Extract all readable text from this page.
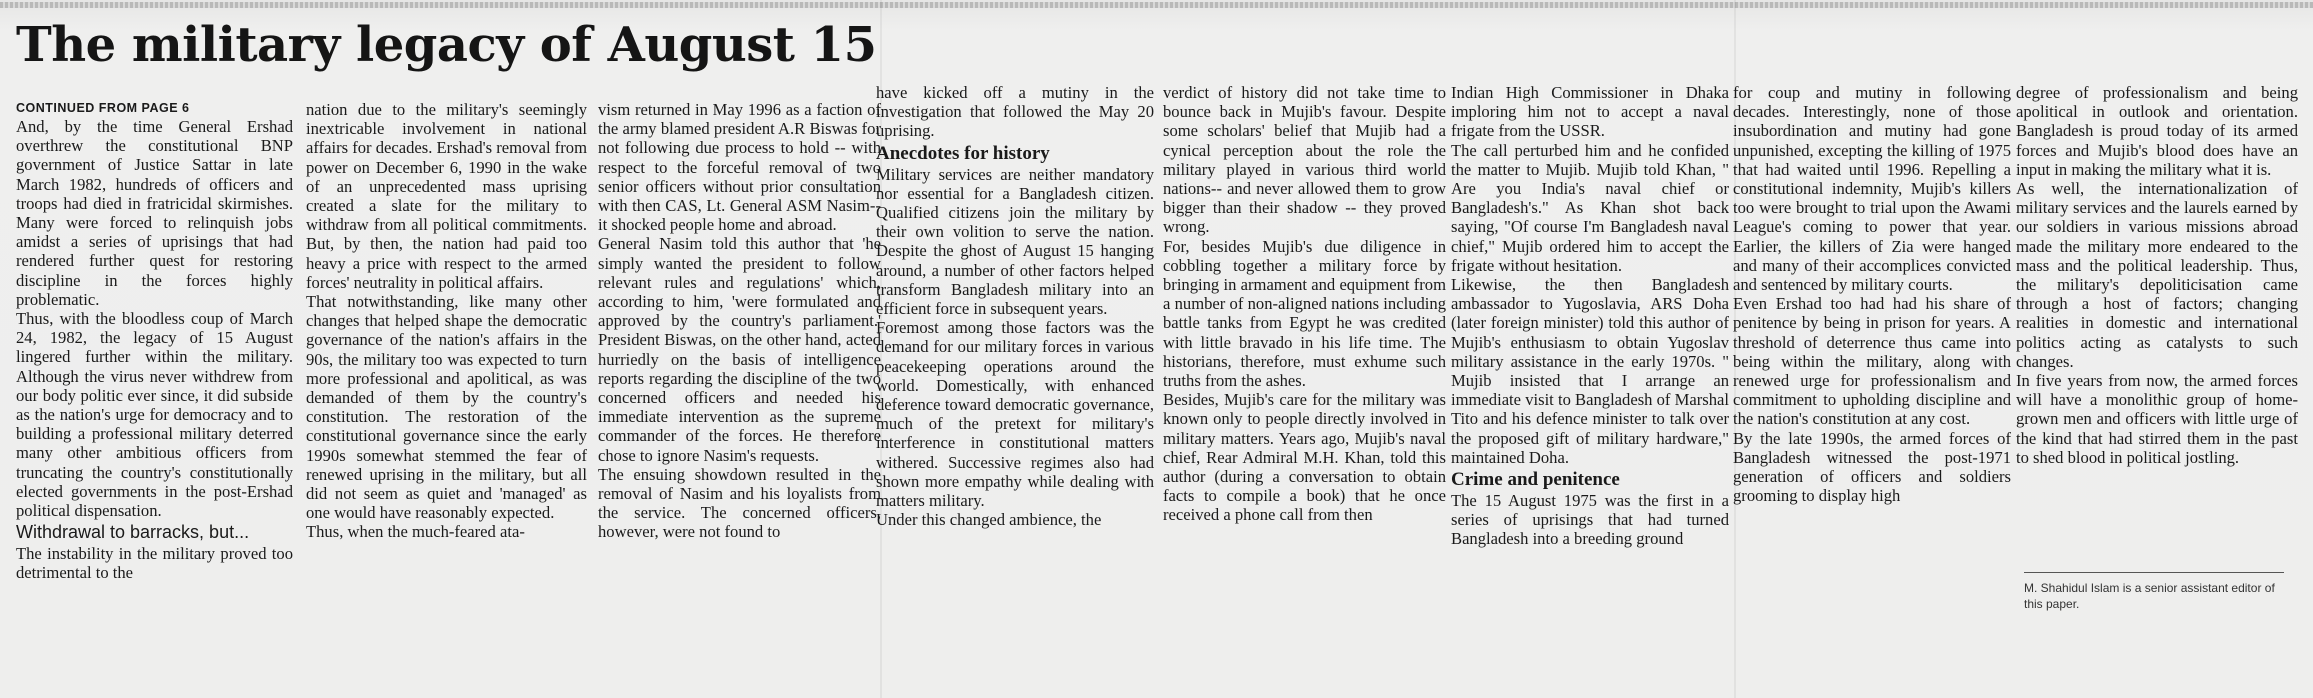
The military legacy of August 15
CONTINUED FROM PAGE 6

And, by the time General Ershad overthrew the constitutional BNP government of Justice Sattar in late March 1982, hundreds of officers and troops had died in fratricidal skirmishes. Many were forced to relinquish jobs amidst a series of uprisings that had rendered further quest for restoring discipline in the forces highly problematic.

Thus, with the bloodless coup of March 24, 1982, the legacy of 15 August lingered further within the military. Although the virus never withdrew from our body politic ever since, it did subside as the nation's urge for democracy and to building a professional military deterred many other ambitious officers from truncating the country's constitutionally elected governments in the post-Ershad political dispensation.

Withdrawal to barracks, but...

The instability in the military proved too detrimental to the

nation due to the military's seemingly inextricable involvement in national affairs for decades. Ershad's removal from power on December 6, 1990 in the wake of an unprecedented mass uprising created a slate for the military to withdraw from all political commitments. But, by then, the nation had paid too heavy a price with respect to the armed forces' neutrality in political affairs.

That notwithstanding, like many other changes that helped shape the democratic governance of the nation's affairs in the 90s, the military too was expected to turn more professional and apolitical, as was demanded of them by the country's constitution. The restoration of the constitutional governance since the early 1990s somewhat stemmed the fear of renewed uprising in the military, but all did not seem as quiet and 'managed' as one would have reasonably expected.

Thus, when the much-feared ata-

vism returned in May 1996 as a faction of the army blamed president A.R Biswas for not following due process to hold -- with respect to the forceful removal of two senior officers without prior consultation with then CAS, Lt. General ASM Nasim-- it shocked people home and abroad.

General Nasim told this author that 'he simply wanted the president to follow relevant rules and regulations' which, according to him, 'were formulated and approved by the country's parliament.' President Biswas, on the other hand, acted hurriedly on the basis of intelligence reports regarding the discipline of the two concerned officers and needed his immediate intervention as the supreme commander of the forces. He therefore chose to ignore Nasim's requests.

The ensuing showdown resulted in the removal of Nasim and his loyalists from the service. The concerned officers, however, were not found to

have kicked off a mutiny in the investigation that followed the May 20 uprising.

Anecdotes for history

Military services are neither mandatory nor essential for a Bangladesh citizen. Qualified citizens join the military by their own volition to serve the nation. Despite the ghost of August 15 hanging around, a number of other factors helped transform Bangladesh military into an efficient force in subsequent years.

Foremost among those factors was the demand for our military forces in various peacekeeping operations around the world. Domestically, with enhanced deference toward democratic governance, much of the pretext for military's interference in constitutional matters withered. Successive regimes also had shown more empathy while dealing with matters military.

Under this changed ambience, the

verdict of history did not take time to bounce back in Mujib's favour. Despite some scholars' belief that Mujib had a cynical perception about the role the military played in various third world nations-- and never allowed them to grow bigger than their shadow -- they proved wrong.

For, besides Mujib's due diligence in cobbling together a military force by bringing in armament and equipment from a number of non-aligned nations including battle tanks from Egypt he was credited with little bravado in his life time. The historians, therefore, must exhume such truths from the ashes.

Besides, Mujib's care for the military was known only to people directly involved in military matters. Years ago, Mujib's naval chief, Rear Admiral M.H. Khan, told this author (during a conversation to obtain facts to compile a book) that he once received a phone call from then

Indian High Commissioner in Dhaka imploring him not to accept a naval frigate from the USSR.

The call perturbed him and he confided the matter to Mujib. Mujib told Khan, " Are you India's naval chief or Bangladesh's." As Khan shot back saying, "Of course I'm Bangladesh naval chief," Mujib ordered him to accept the frigate without hesitation.

Likewise, the then Bangladesh ambassador to Yugoslavia, ARS Doha (later foreign minister) told this author of Mujib's enthusiasm to obtain Yugoslav military assistance in the early 1970s. " Mujib insisted that I arrange an immediate visit to Bangladesh of Marshal Tito and his defence minister to talk over the proposed gift of military hardware," maintained Doha.

Crime and penitence

The 15 August 1975 was the first in a series of uprisings that had turned Bangladesh into a breeding ground

for coup and mutiny in following decades. Interestingly, none of those insubordination and mutiny had gone unpunished, excepting the killing of 1975 that had waited until 1996. Repelling a constitutional indemnity, Mujib's killers too were brought to trial upon the Awami League's coming to power that year. Earlier, the killers of Zia were hanged and many of their accomplices convicted and sentenced by military courts.

Even Ershad too had had his share of penitence by being in prison for years. A threshold of deterrence thus came into being within the military, along with renewed urge for professionalism and commitment to upholding discipline and the nation's constitution at any cost.

By the late 1990s, the armed forces of Bangladesh witnessed the post-1971 generation of officers and soldiers grooming to display high

degree of professionalism and being apolitical in outlook and orientation. Bangladesh is proud today of its armed forces and Mujib's blood does have an input in making the military what it is.

As well, the internationalization of military services and the laurels earned by our soldiers in various missions abroad made the military more endeared to the mass and the political leadership. Thus, the military's depoliticisation came through a host of factors; changing realities in domestic and international politics acting as catalysts to such changes.

In five years from now, the armed forces will have a monolithic group of home- grown men and officers with little urge of the kind that had stirred them in the past to shed blood in political jostling.

M. Shahidul Islam is a senior assistant editor of this paper.
